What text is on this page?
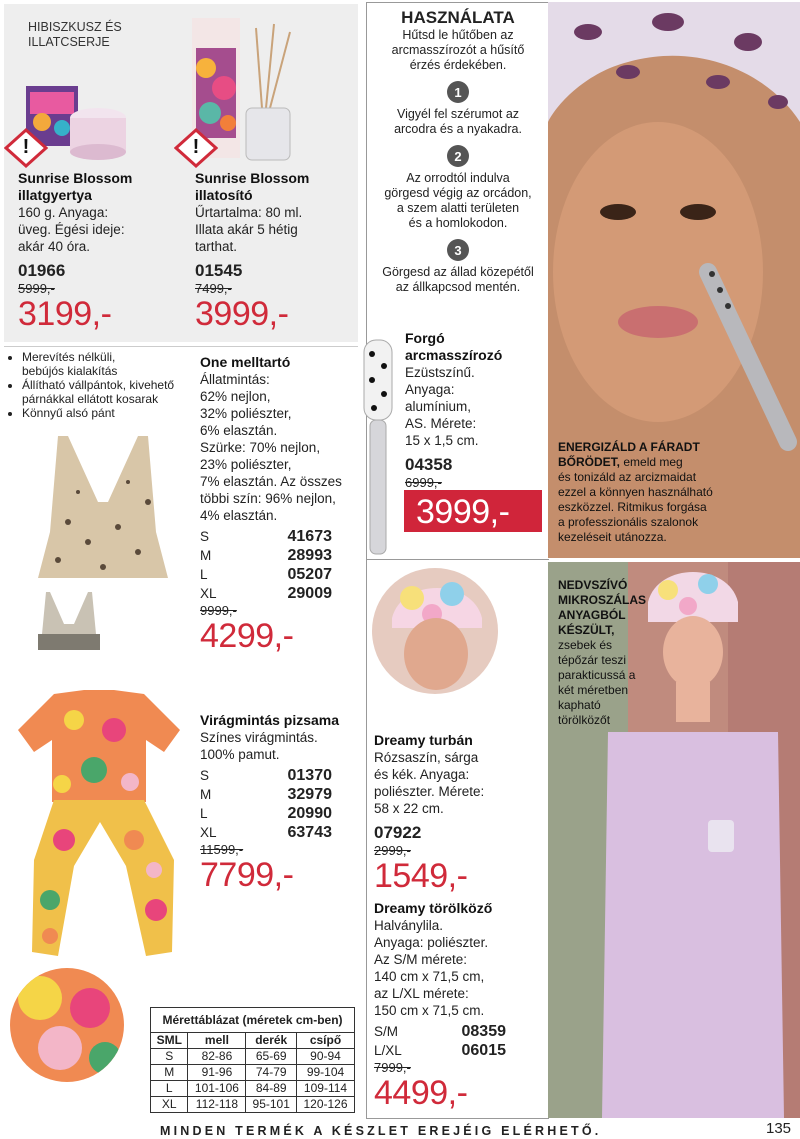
HIBISZKUSZ ÉS
ILLATCSERJE
!	!
Sunrise Blossom
illatgyertya
160 g. Anyaga:
üveg. Égési ideje:
akár 40 óra.
01966
5999,-
3199,-
Sunrise Blossom
illatosító
Űrtartalma: 80 ml.
Illata akár 5 hétig
tarthat.
01545
7499,-
3999,-
• Merevítés nélküli,
bebújós kialakítás
• Állítható vállpántok, kivehető
párnákkal ellátott kosarak
• Könnyű alsó pánt
One melltartó
Állatmintás:
62% nejlon,
32% poliészter,
6% elasztán.
Szürke: 70% nejlon,
23% poliészter,
7% elasztán. Az összes
többi szín: 96% nejlon,
4% elasztán.
S	41673
M	28993
L	05207
XL	29009
9999,-
4299,-
Virágmintás pizsama
Színes virágmintás.
100% pamut.
S	01370
M	32979
L	20990
XL	63743
11599,-
7799,-
Mérettáblázat (méretek cm-ben)			
SML	mell	derék	csípő
S	82-86	65-69	90-94
M	91-96	74-79	99-104
L	101-106	84-89	109-114
XL	112-118	95-101	120-126
HASZNÁLATA
Hűtsd le hűtőben az
arcmasszírozót a hűsítő
érzés érdekében.
1
Vigyél fel szérumot az
arcodra és a nyakadra.
2
Az orrodtól indulva
görgesd végig az orcádon,
a szem alatti területen
és a homlokodon.
3
Görgesd az állad közepétől
az állkapcsod mentén.
Forgó
arcmasszírozó
Ezüstszínű.
Anyaga:
alumínium,
AS. Mérete:
15 x 1,5 cm.
04358
6999,-
3999,-
ENERGIZÁLD A FÁRADT
BŐRÖDET, emeld meg
és tonizáld az arcizmaidat
ezzel a könnyen használható
eszközzel. Ritmikus forgása
a professzionális szalonok
kezeléseit utánozza.
Dreamy turbán
Rózsaszín, sárga
és kék. Anyaga:
poliészter. Mérete:
58 x 22 cm.
07922
2999,-
1549,-
Dreamy törölköző
Halványlila.
Anyaga: poliészter.
Az S/M mérete:
140 cm x 71,5 cm,
az L/XL mérete:
150 cm x 71,5 cm.
S/M	08359
L/XL	06015
7999,-
4499,-
NEDVSZÍVÓ
MIKROSZÁLAS
ANYAGBÓL
KÉSZÜLT,
zsebek és
tépőzár teszi
parakticussá a
két méretben
kapható
törölközőt
MINDEN TERMÉK A KÉSZLET EREJÉIG ELÉRHETŐ.	135
